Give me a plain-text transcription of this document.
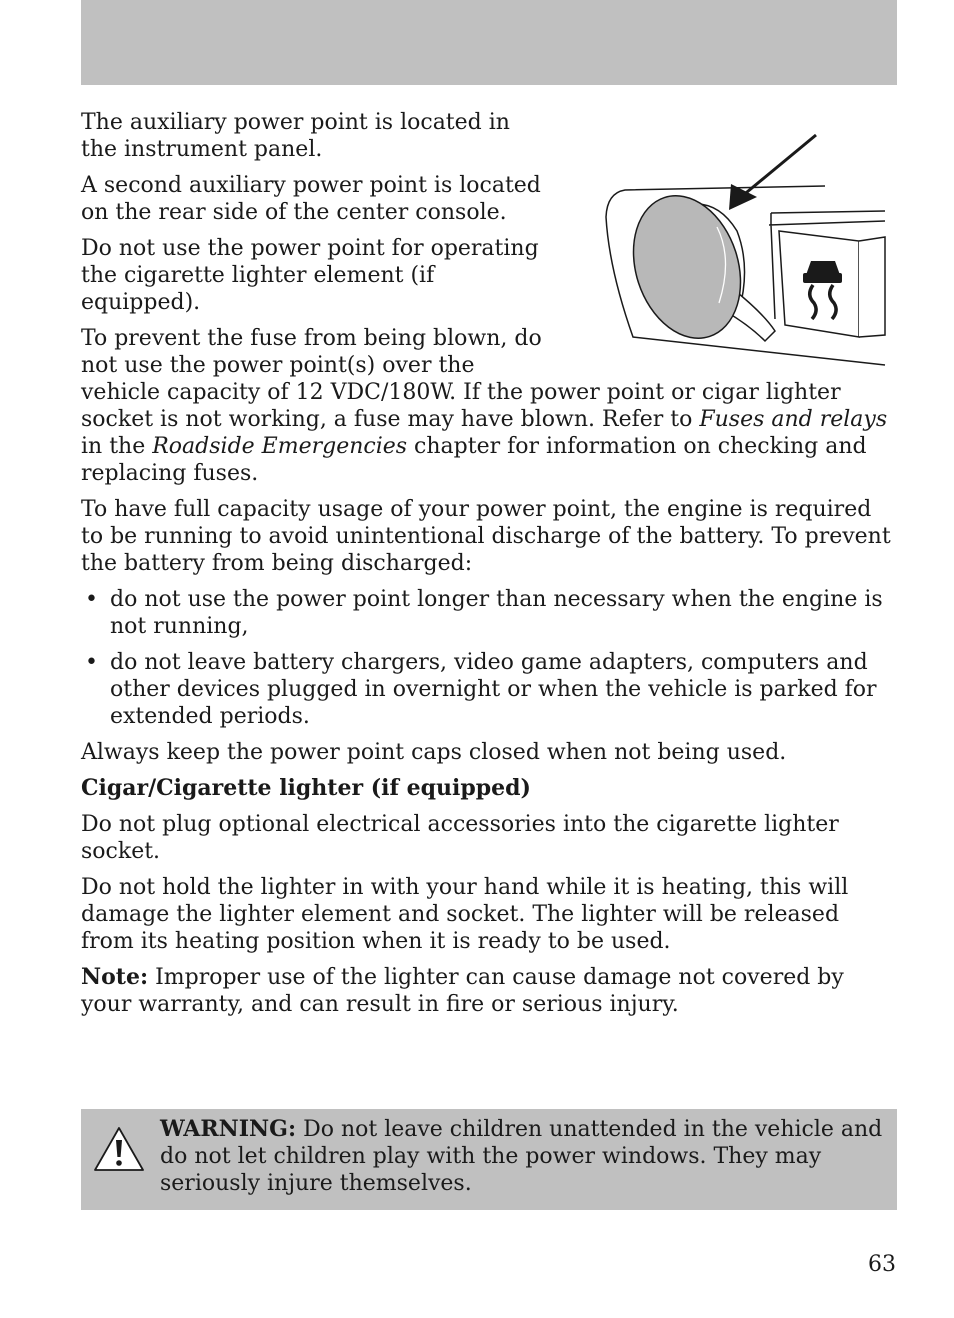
The auxiliary power point is located in the instrument panel.

A second auxiliary power point is located on the rear side of the center console.

Do not use the power point for operating the cigarette lighter element (if equipped).

To prevent the fuse from being blown, do not use the power point(s) over the vehicle capacity of 12 VDC/180W. If the power point or cigar lighter socket is not working, a fuse may have blown. Refer to Fuses and relays in the Roadside Emergencies chapter for information on checking and replacing fuses.

To have full capacity usage of your power point, the engine is required to be running to avoid unintentional discharge of the battery. To prevent the battery from being discharged:

• do not use the power point longer than necessary when the engine is not running,
• do not leave battery chargers, video game adapters, computers and other devices plugged in overnight or when the vehicle is parked for extended periods.

Always keep the power point caps closed when not being used.

Cigar/Cigarette lighter (if equipped)

Do not plug optional electrical accessories into the cigarette lighter socket.

Do not hold the lighter in with your hand while it is heating, this will damage the lighter element and socket. The lighter will be released from its heating position when it is ready to be used.

Note: Improper use of the lighter can cause damage not covered by your warranty, and can result in fire or serious injury.

WARNING: Do not leave children unattended in the vehicle and do not let children play with the power windows. They may seriously injure themselves.
63
